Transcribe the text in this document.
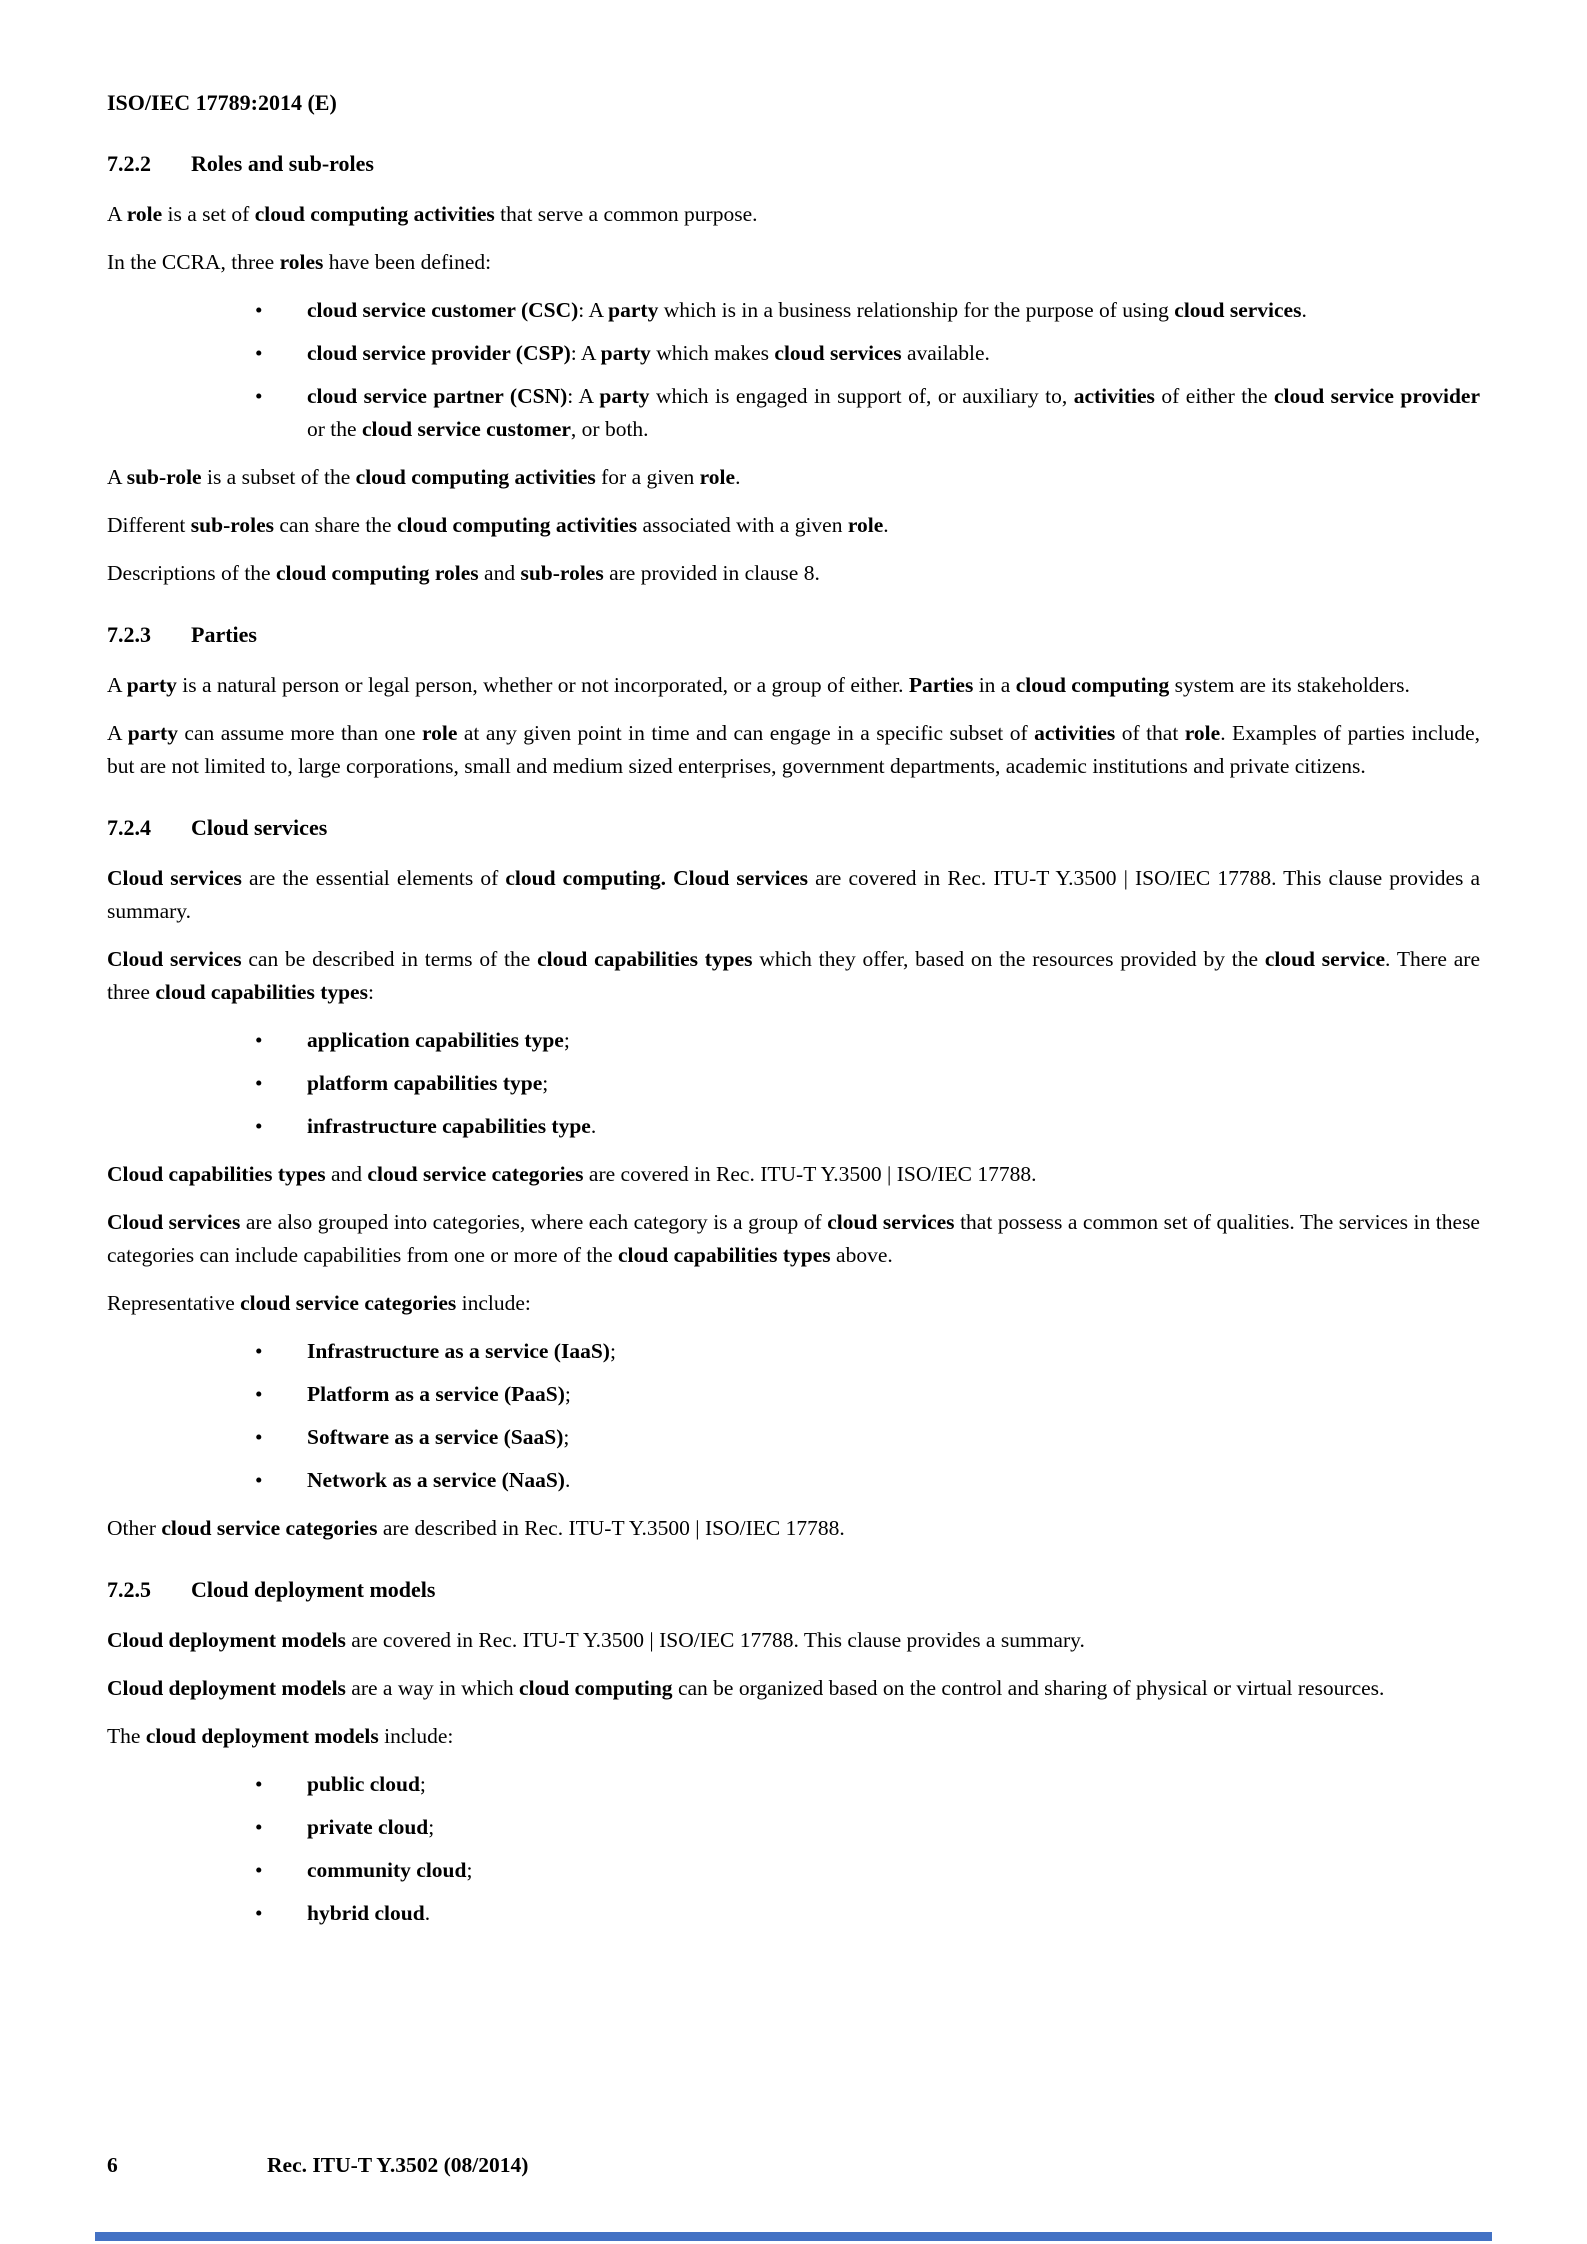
ISO/IEC 17789:2014 (E)
7.2.2	Roles and sub-roles

A role is a set of cloud computing activities that serve a common purpose.

In the CCRA, three roles have been defined:

• cloud service customer (CSC): A party which is in a business relationship for the purpose of using cloud services.
• cloud service provider (CSP): A party which makes cloud services available.
• cloud service partner (CSN): A party which is engaged in support of, or auxiliary to, activities of either the cloud service provider or the cloud service customer, or both.

A sub-role is a subset of the cloud computing activities for a given role.

Different sub-roles can share the cloud computing activities associated with a given role.

Descriptions of the cloud computing roles and sub-roles are provided in clause 8.

7.2.3	Parties

A party is a natural person or legal person, whether or not incorporated, or a group of either. Parties in a cloud computing system are its stakeholders.

A party can assume more than one role at any given point in time and can engage in a specific subset of activities of that role. Examples of parties include, but are not limited to, large corporations, small and medium sized enterprises, government departments, academic institutions and private citizens.

7.2.4	Cloud services

Cloud services are the essential elements of cloud computing. Cloud services are covered in Rec. ITU-T Y.3500 | ISO/IEC 17788. This clause provides a summary.

Cloud services can be described in terms of the cloud capabilities types which they offer, based on the resources provided by the cloud service. There are three cloud capabilities types:

• application capabilities type;
• platform capabilities type;
• infrastructure capabilities type.

Cloud capabilities types and cloud service categories are covered in Rec. ITU-T Y.3500 | ISO/IEC 17788.

Cloud services are also grouped into categories, where each category is a group of cloud services that possess a common set of qualities. The services in these categories can include capabilities from one or more of the cloud capabilities types above.

Representative cloud service categories include:

• Infrastructure as a service (IaaS);
• Platform as a service (PaaS);
• Software as a service (SaaS);
• Network as a service (NaaS).

Other cloud service categories are described in Rec. ITU-T Y.3500 | ISO/IEC 17788.

7.2.5	Cloud deployment models

Cloud deployment models are covered in Rec. ITU-T Y.3500 | ISO/IEC 17788. This clause provides a summary.

Cloud deployment models are a way in which cloud computing can be organized based on the control and sharing of physical or virtual resources.

The cloud deployment models include:

• public cloud;
• private cloud;
• community cloud;
• hybrid cloud.
6	Rec. ITU-T Y.3502 (08/2014)
